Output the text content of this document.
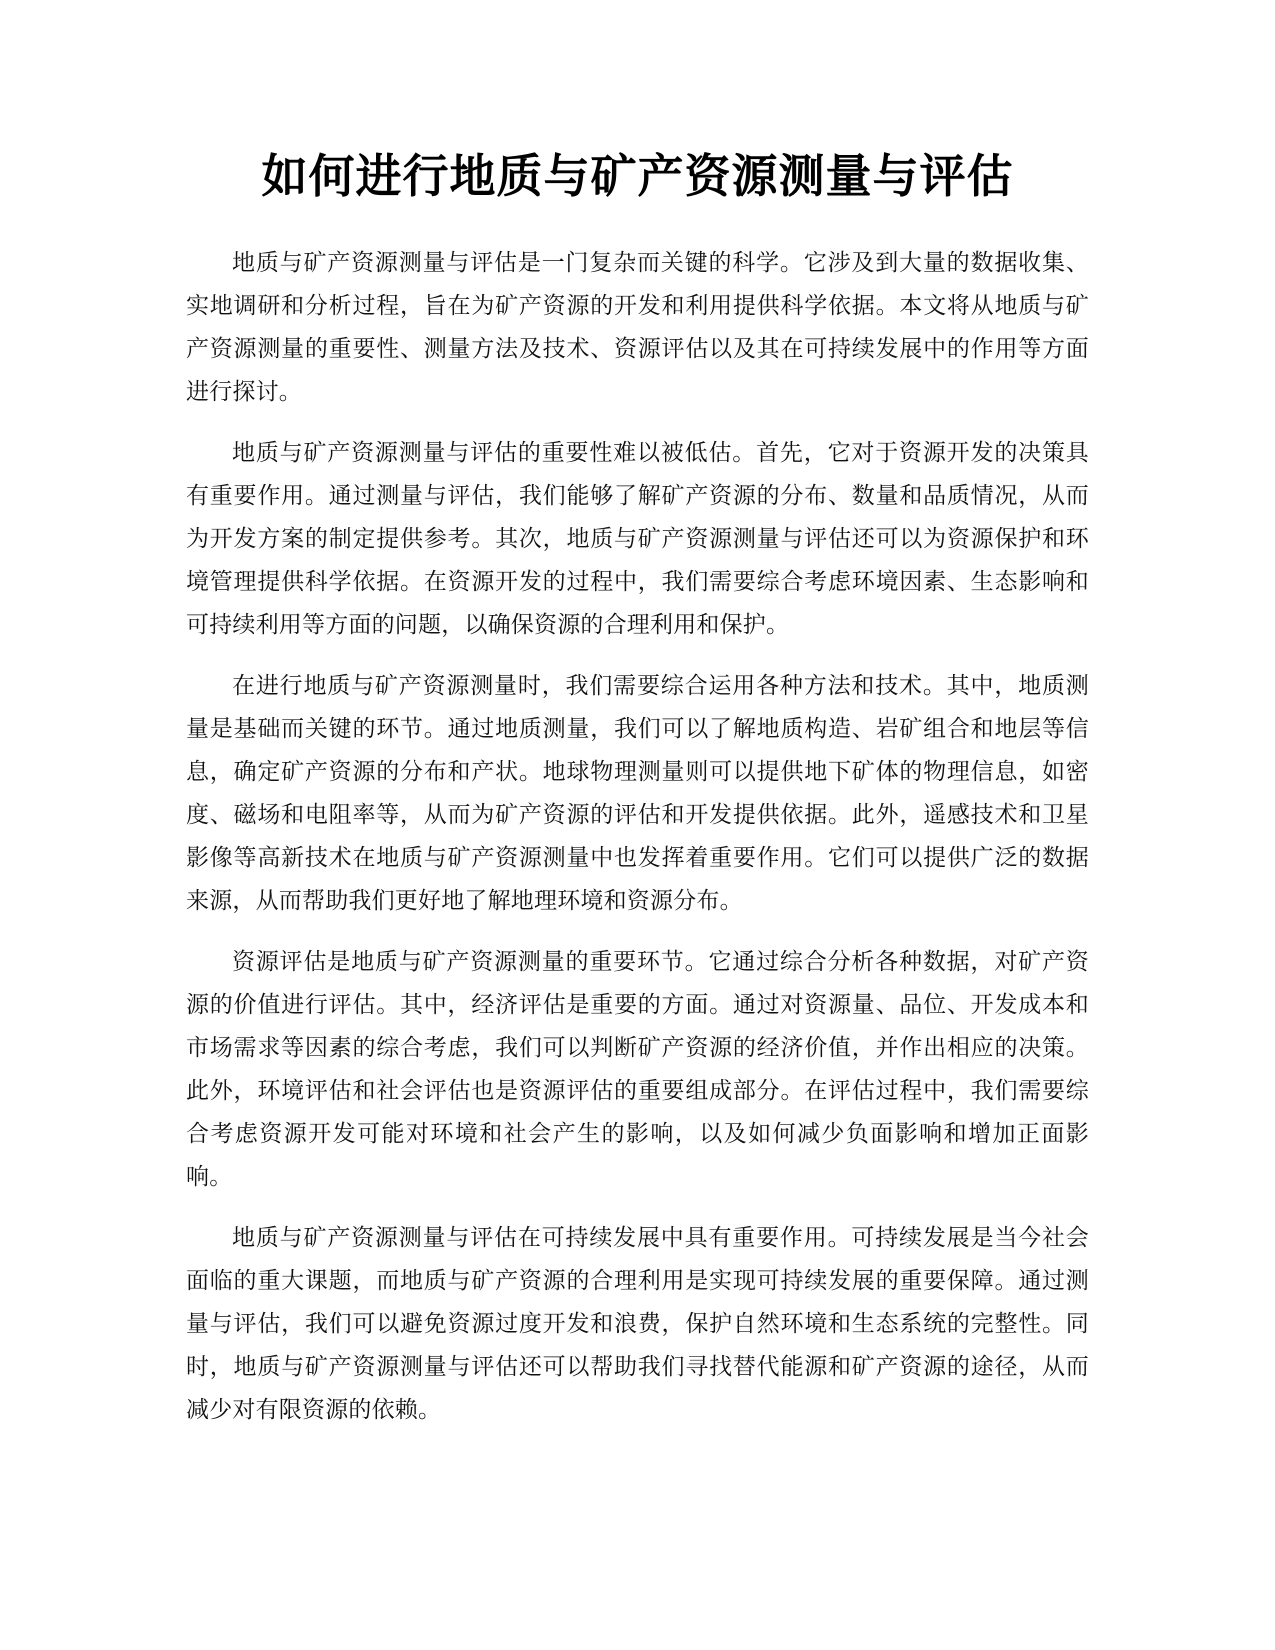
如何进行地质与矿产资源测量与评估

地质与矿产资源测量与评估是一门复杂而关键的科学。它涉及到大量的数据收集、实地调研和分析过程，旨在为矿产资源的开发和利用提供科学依据。本文将从地质与矿产资源测量的重要性、测量方法及技术、资源评估以及其在可持续发展中的作用等方面进行探讨。

地质与矿产资源测量与评估的重要性难以被低估。首先，它对于资源开发的决策具有重要作用。通过测量与评估，我们能够了解矿产资源的分布、数量和品质情况，从而为开发方案的制定提供参考。其次，地质与矿产资源测量与评估还可以为资源保护和环境管理提供科学依据。在资源开发的过程中，我们需要综合考虑环境因素、生态影响和可持续利用等方面的问题，以确保资源的合理利用和保护。

在进行地质与矿产资源测量时，我们需要综合运用各种方法和技术。其中，地质测量是基础而关键的环节。通过地质测量，我们可以了解地质构造、岩矿组合和地层等信息，确定矿产资源的分布和产状。地球物理测量则可以提供地下矿体的物理信息，如密度、磁场和电阻率等，从而为矿产资源的评估和开发提供依据。此外，遥感技术和卫星影像等高新技术在地质与矿产资源测量中也发挥着重要作用。它们可以提供广泛的数据来源，从而帮助我们更好地了解地理环境和资源分布。

资源评估是地质与矿产资源测量的重要环节。它通过综合分析各种数据，对矿产资源的价值进行评估。其中，经济评估是重要的方面。通过对资源量、品位、开发成本和市场需求等因素的综合考虑，我们可以判断矿产资源的经济价值，并作出相应的决策。此外，环境评估和社会评估也是资源评估的重要组成部分。在评估过程中，我们需要综合考虑资源开发可能对环境和社会产生的影响，以及如何减少负面影响和增加正面影响。

地质与矿产资源测量与评估在可持续发展中具有重要作用。可持续发展是当今社会面临的重大课题，而地质与矿产资源的合理利用是实现可持续发展的重要保障。通过测量与评估，我们可以避免资源过度开发和浪费，保护自然环境和生态系统的完整性。同时，地质与矿产资源测量与评估还可以帮助我们寻找替代能源和矿产资源的途径，从而减少对有限资源的依赖。
